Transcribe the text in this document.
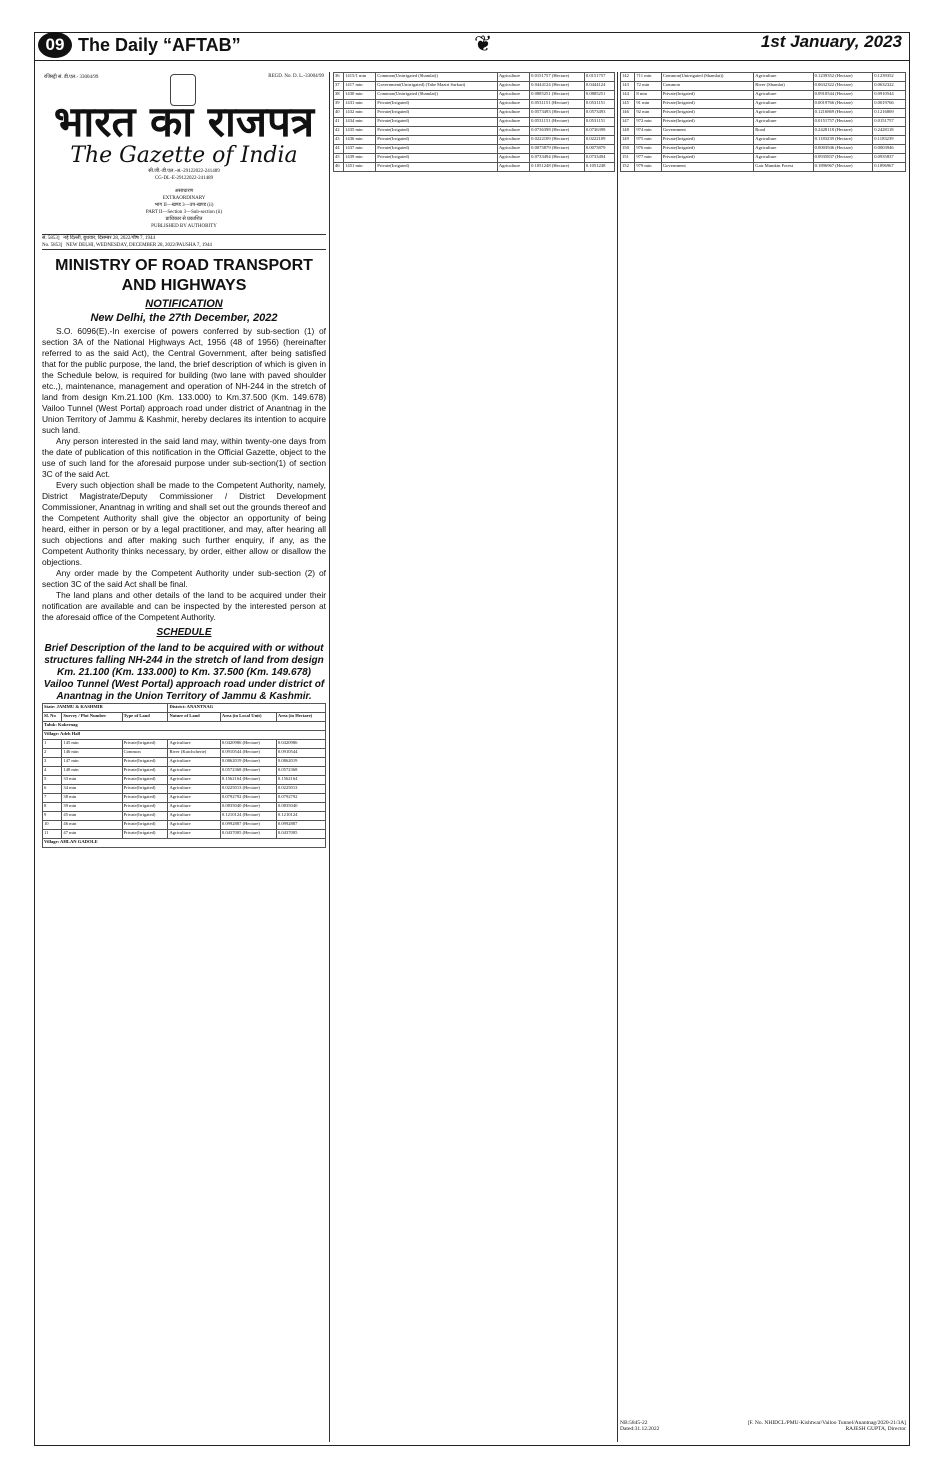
09 The Daily “AFTAB”	❦	1st January, 2023
रजिस्ट्री सं. डी.एल.- 33004/99	REGD. No. D. L.-33004/99
भारत का राजपत्र
The Gazette of India
सी.जी.-डी.एल.-अ.-29122022-241489
CG-DL-E-29122022-241489
असाधारण
EXTRAORDINARY
भाग II—खण्ड 3—उप-खण्ड (ii)
PART II—Section 3—Sub-section (ii)
प्राधिकार से प्रकाशित
PUBLISHED BY AUTHORITY
सं. 5853] नई दिल्ली, बुधवार, दिसम्बर 28, 2022/पौष 7, 1944
No. 5853] NEW DELHI, WEDNESDAY, DECEMBER 28, 2022/PAUSHA 7, 1944
MINISTRY OF ROAD TRANSPORT AND HIGHWAYS
NOTIFICATION
New Delhi, the 27th December, 2022

S.O. 6096(E).-In exercise of powers conferred by sub-section (1) of section 3A of the National Highways Act, 1956 (48 of 1956) (hereinafter referred to as the said Act), the Central Government, after being satisfied that for the public purpose, the land, the brief description of which is given in the Schedule below, is required for building (two lane with paved shoulder etc.,), maintenance, management and operation of NH-244 in the stretch of land from design Km.21.100 (Km. 133.000) to Km.37.500 (Km. 149.678) Vailoo Tunnel (West Portal) approach road under district of Anantnag in the Union Territory of Jammu & Kashmir, hereby declares its intention to acquire such land.

Any person interested in the said land may, within twenty-one days from the date of publication of this notification in the Official Gazette, object to the use of such land for the aforesaid purpose under sub-section(1) of section 3C of the said Act.

Every such objection shall be made to the Competent Authority, namely, District Magistrate/Deputy Commissioner / District Development Commissioner, Anantnag in writing and shall set out the grounds thereof and the Competent Authority shall give the objector an opportunity of being heard, either in person or by a legal practitioner, and may, after hearing all such objections and after making such further enquiry, if any, as the Competent Authority thinks necessary, by order, either allow or disallow the objections.

Any order made by the Competent Authority under sub-section (2) of section 3C of the said Act shall be final.

The land plans and other details of the land to be acquired under their notification are available and can be inspected by the interested person at the aforesaid office of the Competent Authority.

SCHEDULE
Brief Description of the land to be acquired with or without structures falling NH-244 in the stretch of land from design Km. 21.100 (Km. 133.000) to Km. 37.500 (Km. 149.678) Vailoo Tunnel (West Portal) approach road under district of Anantnag in the Union Territory of Jammu & Kashmir.
State: JAMMU & KASHMIR			District: ANANTNAG		
Sl. No	Survey / Plot Number	Type of Land	Nature of Land	Area (in Local Unit)	Area (in Hectare)
Taluk: Kokernag					
Village: Adeh Hall					
1	145 min	Private(Irrigated)	Agriculture	0.0420986 (Hectare)	0.0420986
2	146 min	Common	River (Kutchcherie)	0.0910544 (Hectare)	0.0910544
3	147 min	Private(Irrigated)	Agriculture	0.0862019 (Hectare)	0.0862019
4	148 min	Private(Irrigated)	Agriculture	0.0572368 (Hectare)	0.0572368
5	33 min	Private(Irrigated)	Agriculture	0.1562164 (Hectare)	0.1562164
6	34 min	Private(Irrigated)	Agriculture	0.0225013 (Hectare)	0.0225013
7	38 min	Private(Irrigated)	Agriculture	0.0792792 (Hectare)	0.0792792
8	39 min	Private(Irrigated)	Agriculture	0.0835040 (Hectare)	0.0835040
9	45 min	Private(Irrigated)	Agriculture	0.1210124 (Hectare)	0.1210124
10	46 min	Private(Irrigated)	Agriculture	0.0992887 (Hectare)	0.0992887
11	47 min	Private(Irrigated)	Agriculture	0.0437005 (Hectare)	0.0437005
Village: AHLAN GADOLE					
36	1415/1 min	Common(Unirrigated (Shamlat))	Agriculture	0.0151757 (Hectare)	0.0151757
37	1417 min	Government(Unirrigated) (Tabe Maziri Sarkari)	Agriculture	0.0444124 (Hectare)	0.0444124
38	1430 min	Common(Unirrigated (Shamlat))	Agriculture	0.0885251 (Hectare)	0.0885251
39	1431 min	Private(Irrigated)	Agriculture	0.0531151 (Hectare)	0.0531151
40	1432 min	Private(Irrigated)	Agriculture	0.0573493 (Hectare)	0.0573493
41	1434 min	Private(Irrigated)	Agriculture	0.0531151 (Hectare)	0.0531151
42	1435 min	Private(Irrigated)	Agriculture	0.0736398 (Hectare)	0.0736398
43	1436 min	Private(Irrigated)	Agriculture	0.0222109 (Hectare)	0.0222109
44	1437 min	Private(Irrigated)	Agriculture	0.0075879 (Hectare)	0.0075879
45	1439 min	Private(Irrigated)	Agriculture	0.0733494 (Hectare)	0.0733494
46	1451 min	Private(Irrigated)	Agriculture	0.1051248 (Hectare)	0.1051248
142	711 min	Common(Unirrigated (Shamlat))	Agriculture	0.1239352 (Hectare)	0.1239352
143	72 min	Common	River (Shamlat)	0.0632322 (Hectare)	0.0632322
144	8 min	Private(Irrigated)	Agriculture	0.0910544 (Hectare)	0.0910544
145	91 min	Private(Irrigated)	Agriculture	0.0019766 (Hectare)	0.0019766
146	92 min	Private(Irrigated)	Agriculture	0.1216869 (Hectare)	0.1216869
147	972 min	Private(Irrigated)	Agriculture	0.0151757 (Hectare)	0.0151757
148	974 min	Government	Road	0.2428118 (Hectare)	0.2428118
149	975 min	Private(Irrigated)	Agriculture	0.1183239 (Hectare)	0.1183239
150	976 min	Private(Irrigated)	Agriculture	0.0003946 (Hectare)	0.0003946
151	977 min	Private(Irrigated)	Agriculture	0.0935837 (Hectare)	0.0935837
152	979 min	Government	Gair Mumkin Forest	0.1896967 (Hectare)	0.1896967
NB:5845-22	[F. No. NHIDCL/PMU-Kishtwar/Vailoo Tunnel/Anantnag/2020-21/3A]
Dated:31.12.2022	RAJESH GUPTA, Director
